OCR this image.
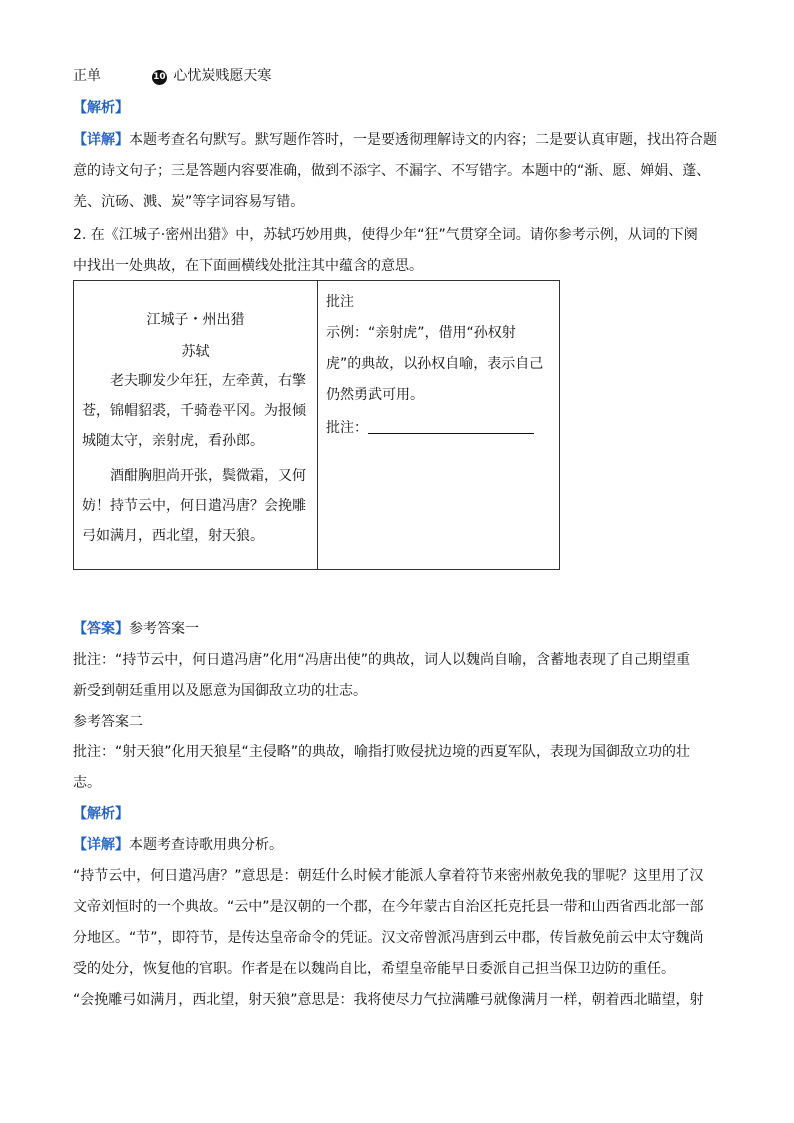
正单	10 心忧炭贱愿天寒
【解析】
【详解】本题考查名句默写。默写题作答时，一是要透彻理解诗文的内容；二是要认真审题，找出符合题
意的诗文句子；三是答题内容要准确，做到不添字、不漏字、不写错字。本题中的“渐、愿、婵娟、蓬、
羌、沆砀、溅、炭”等字词容易写错。
2. 在《江城子·密州出猎》中，苏轼巧妙用典，使得少年“狂”气贯穿全词。请你参考示例，从词的下阕
中找出一处典故，在下面画横线处批注其中蕴含的意思。
江城子・州出猎
苏轼
　　老夫聊发少年狂，左牵黄，右擎
苍，锦帽貂裘，千骑卷平冈。为报倾
城随太守，亲射虎，看孙郎。
　　酒酣胸胆尚开张，鬓微霜，又何
妨！持节云中，何日遣冯唐？会挽雕
弓如满月，西北望，射天狼。
批注
示例：“亲射虎”，借用“孙权射
虎”的典故，以孙权自喻，表示自己
仍然勇武可用。
批注：
【答案】参考答案一
批注：“持节云中，何日遣冯唐”化用“冯唐出使”的典故，词人以魏尚自喻，含蓄地表现了自己期望重
新受到朝廷重用以及愿意为国御敌立功的壮志。
参考答案二
批注：“射天狼”化用天狼星“主侵略”的典故，喻指打败侵扰边境的西夏军队，表现为国御敌立功的壮
志。
【解析】
【详解】本题考查诗歌用典分析。
“持节云中，何日遣冯唐？”意思是：朝廷什么时候才能派人拿着符节来密州赦免我的罪呢？这里用了汉
文帝刘恒时的一个典故。“云中”是汉朝的一个郡，在今年蒙古自治区托克托县一带和山西省西北部一部
分地区。“节”，即符节，是传达皇帝命令的凭证。汉文帝曾派冯唐到云中郡，传旨赦免前云中太守魏尚
受的处分，恢复他的官职。作者是在以魏尚自比，希望皇帝能早日委派自己担当保卫边防的重任。
“会挽雕弓如满月，西北望，射天狼”意思是：我将使尽力气拉满雕弓就像满月一样，朝着西北瞄望，射
